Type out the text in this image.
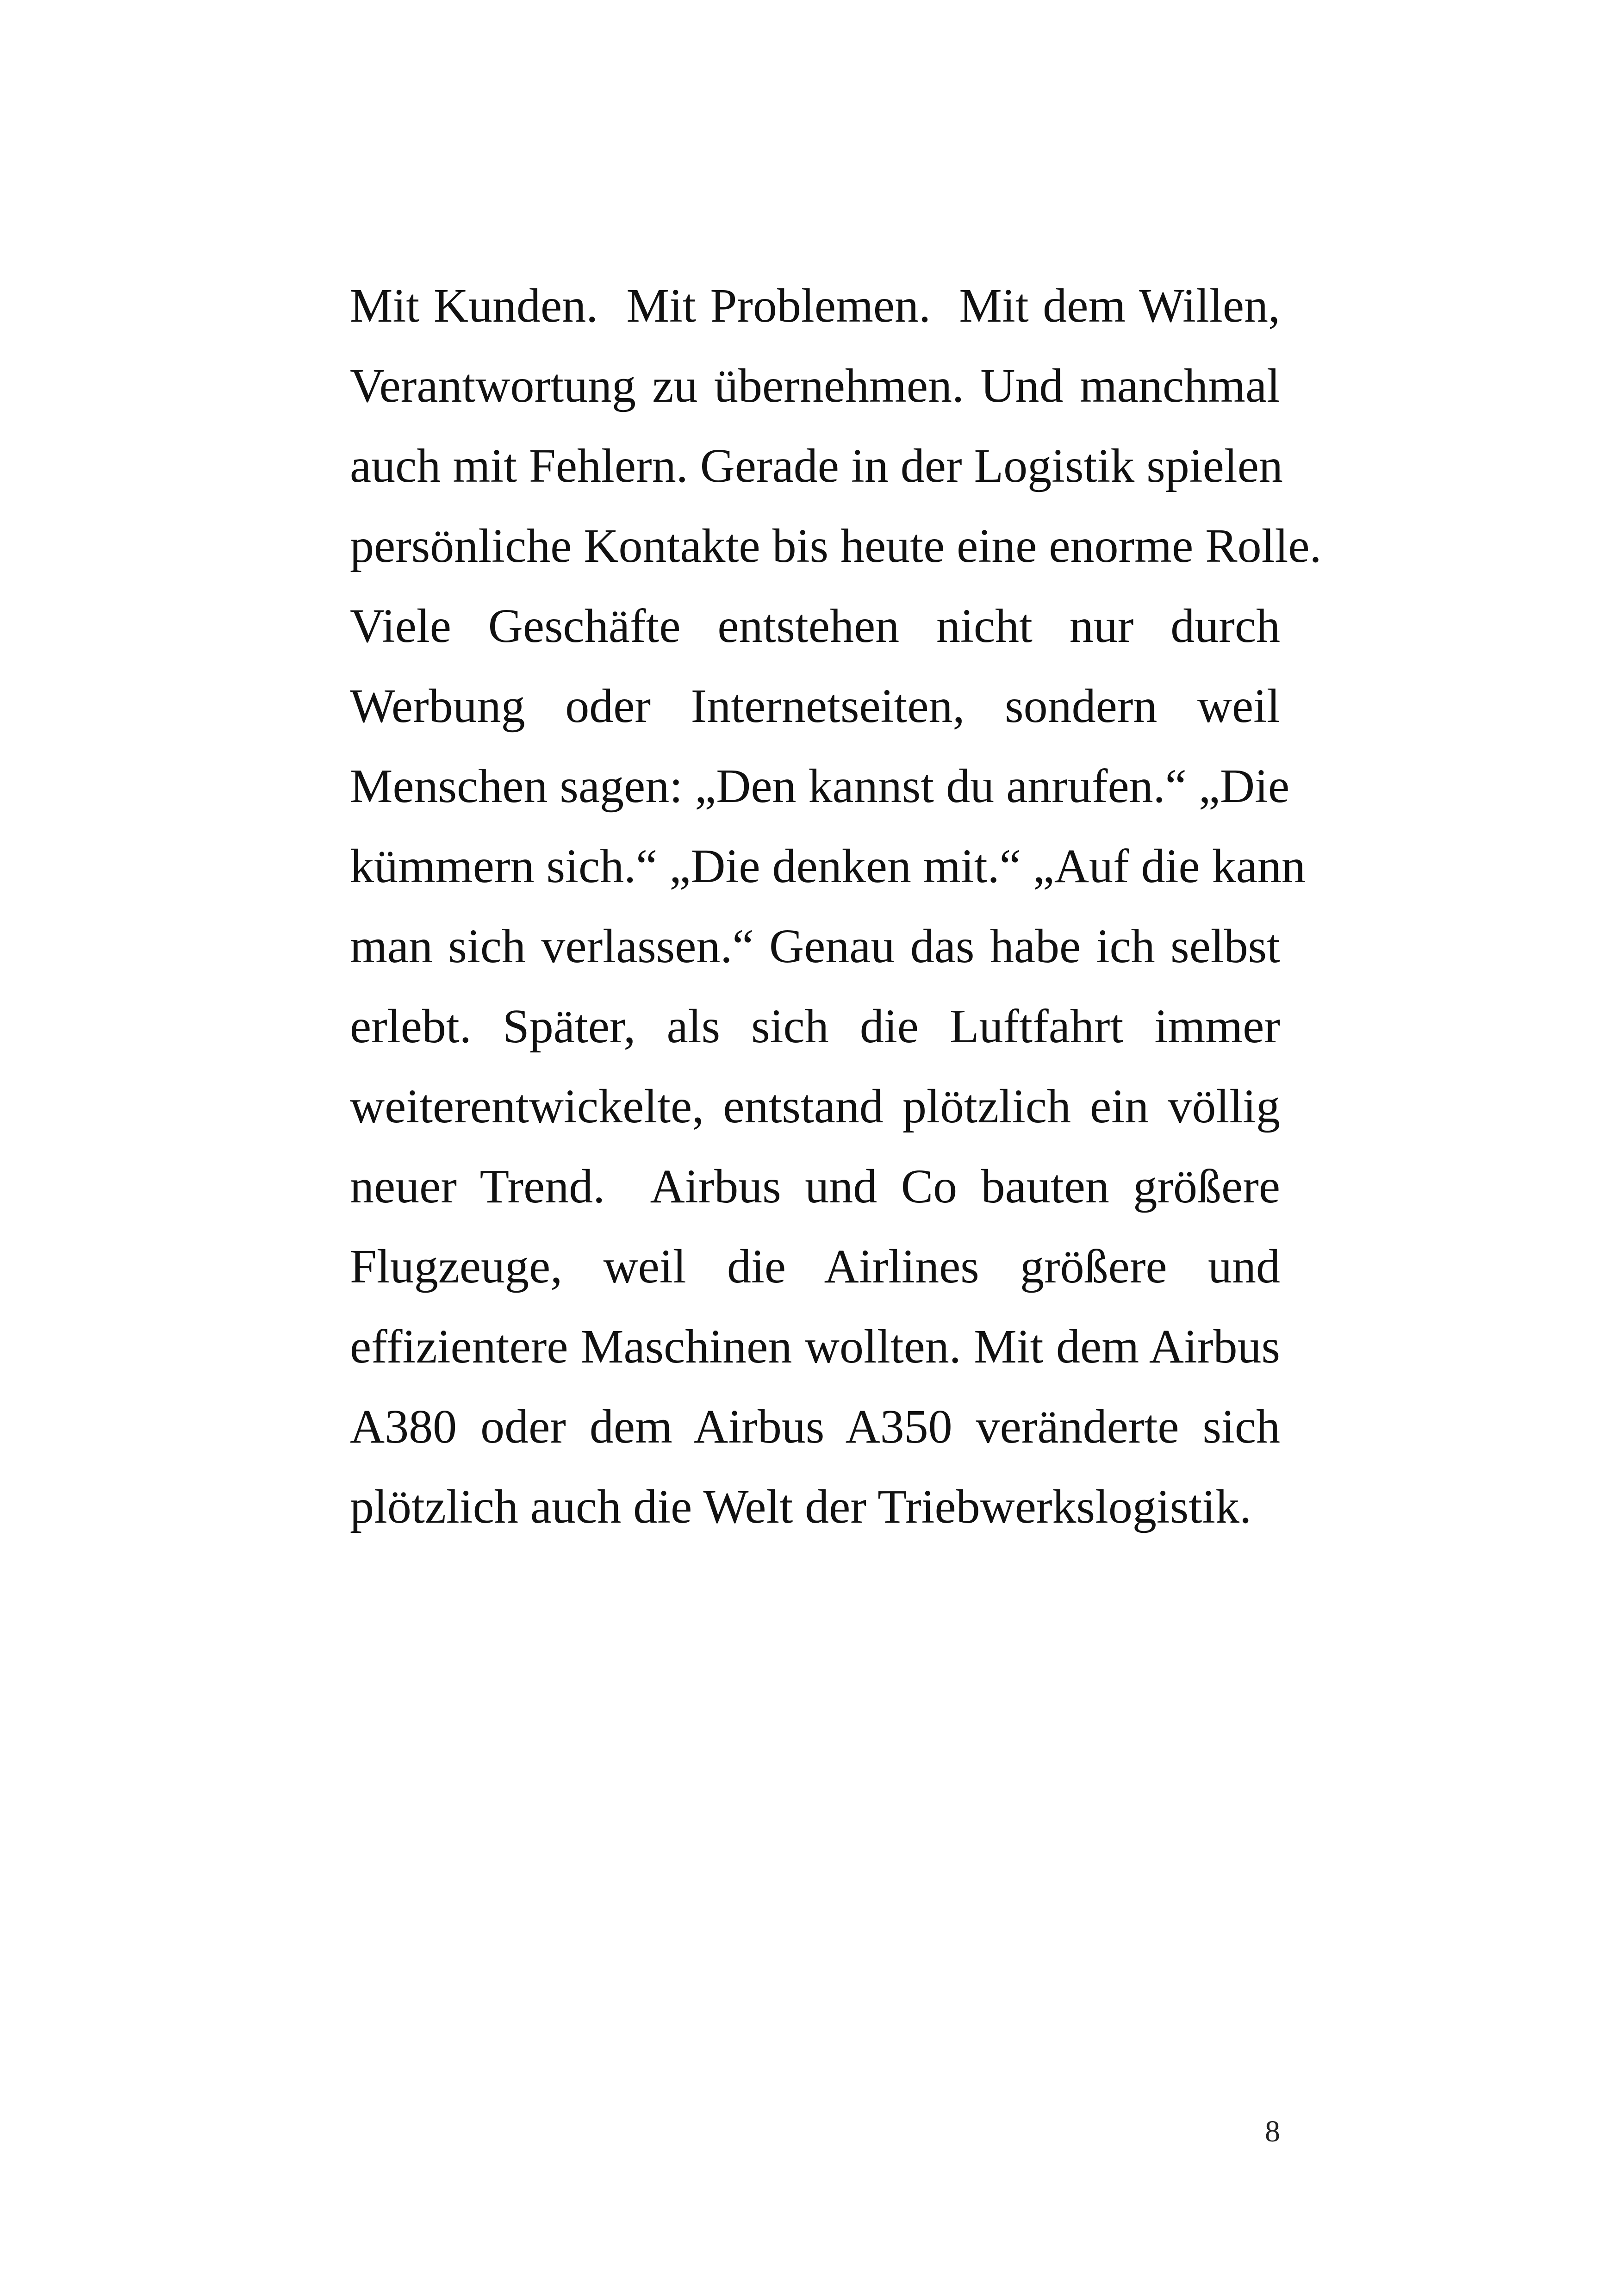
Mit Kunden.  Mit Problemen.  Mit dem Willen,
Verantwortung zu übernehmen. Und manchmal
auch mit Fehlern. Gerade in der Logistik spielen
persönliche Kontakte bis heute eine enorme Rolle.
Viele Geschäfte entstehen nicht nur durch
Werbung oder Internetseiten, sondern weil
Menschen sagen: „Den kannst du anrufen.“ „Die
kümmern sich.“ „Die denken mit.“ „Auf die kann
man sich verlassen.“ Genau das habe ich selbst
erlebt. Später, als sich die Luftfahrt immer
weiterentwickelte, entstand plötzlich ein völlig
neuer Trend.  Airbus und Co bauten größere
Flugzeuge, weil die Airlines größere und
effizientere Maschinen wollten. Mit dem Airbus
A380 oder dem Airbus A350 veränderte sich
plötzlich auch die Welt der Triebwerkslogistik.
8
